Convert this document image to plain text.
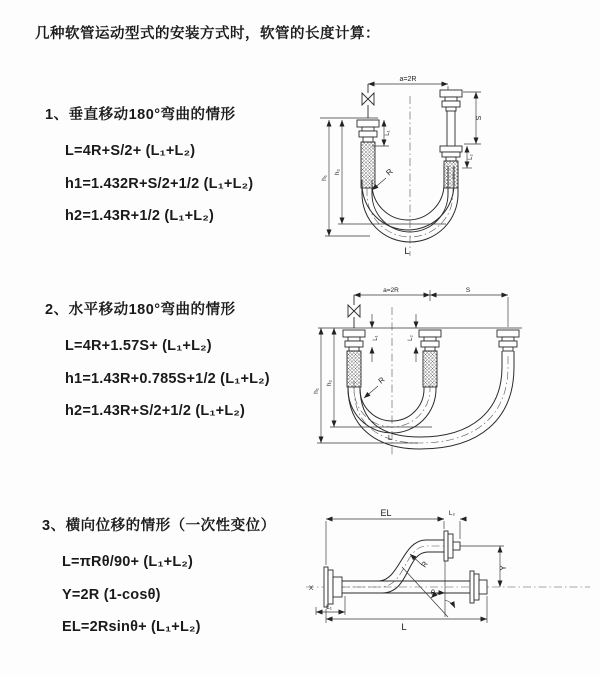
几种软管运动型式的安装方式时，软管的长度计算：
1、垂直移动180°弯曲的情形
L=4R+S/2+ (L₁+L₂)
h1=1.432R+S/2+1/2 (L₁+L₂)
h2=1.43R+1/2 (L₁+L₂)
a=2R
S
L₂
L₁
h₁
h₂	R
L
2、水平移动180°弯曲的情形
L=4R+1.57S+ (L₁+L₂)
h1=1.43R+0.785S+1/2 (L₁+L₂)
h2=1.43R+S/2+1/2 (L₁+L₂)
a=2R	S
h₁
h₂
L₁	L₂
R
L
3、横向位移的情形（一次性变位）
L=πRθ/90+ (L₁+L₂)
Y=2R (1-cosθ)
EL=2Rsinθ+ (L₁+L₂)
EL	L₂
Y
R
θ
L
L₁
X
